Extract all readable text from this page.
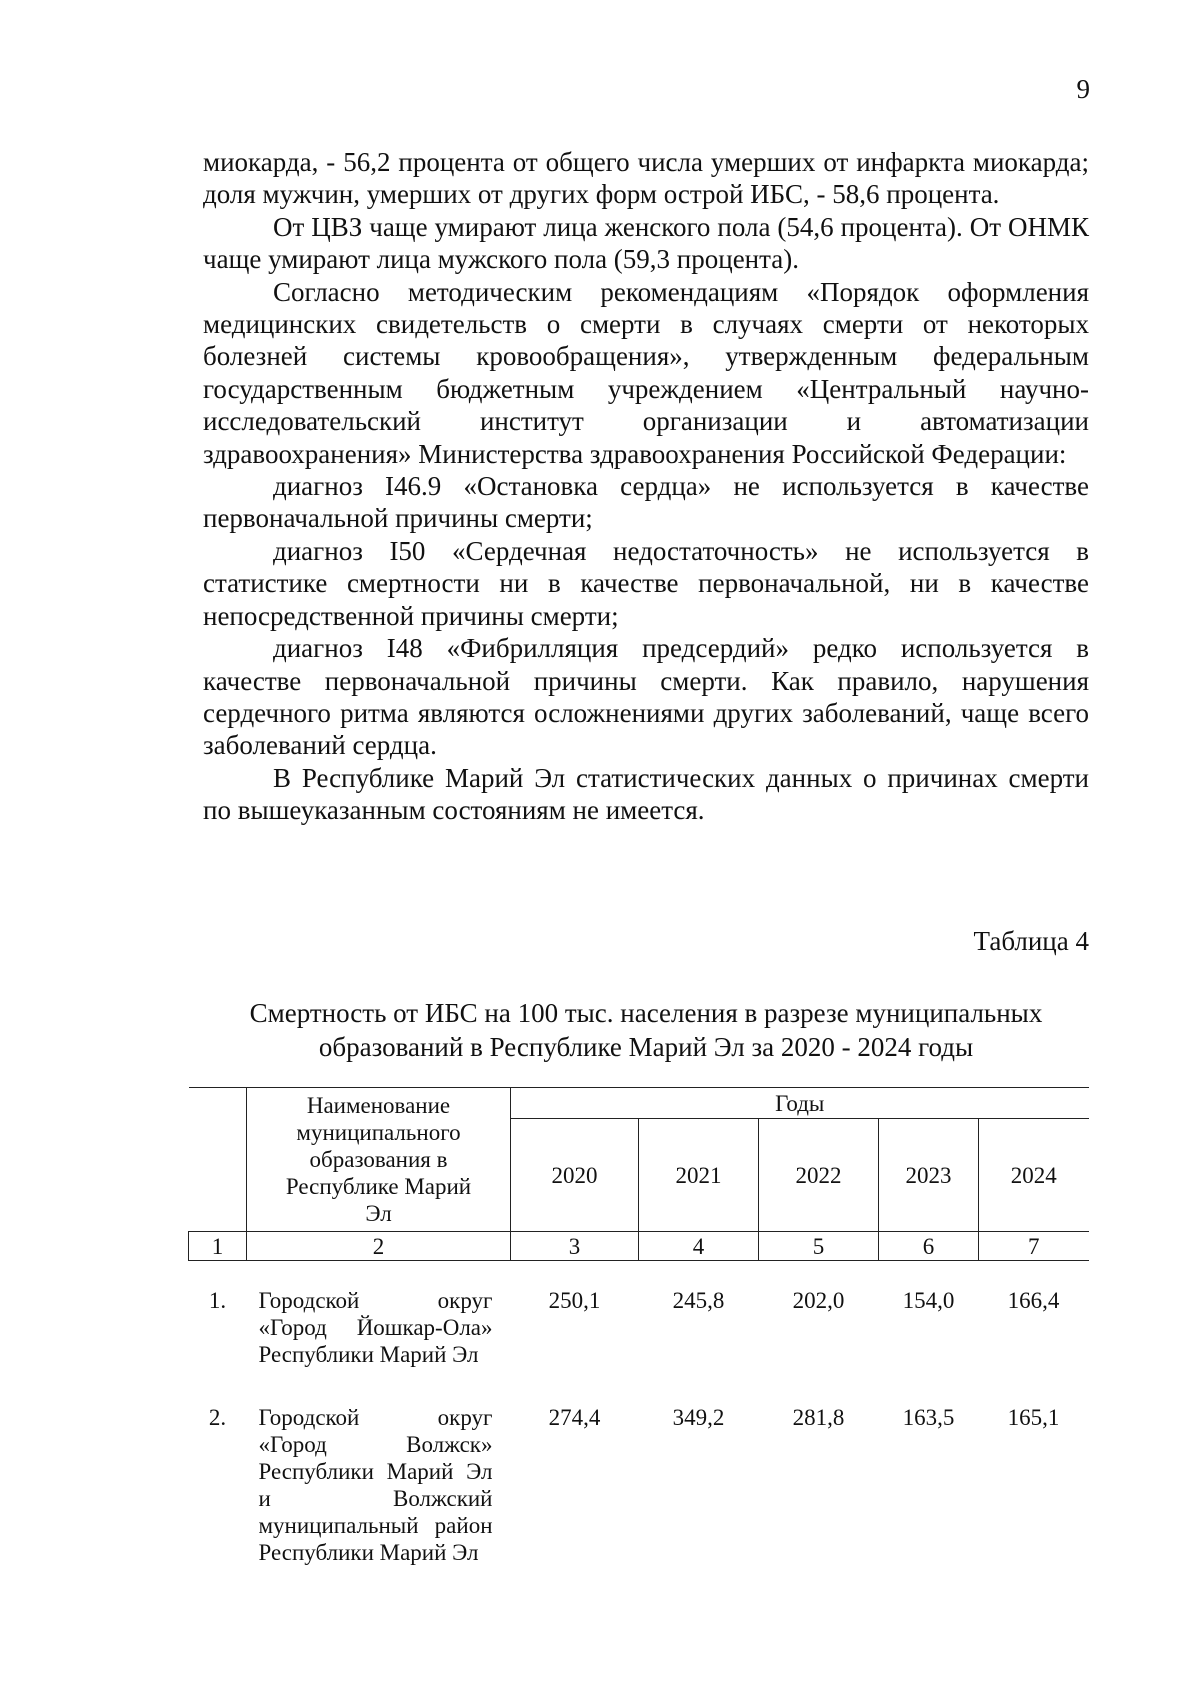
9

миокарда, - 56,2 процента от общего числа умерших от инфаркта миокарда; доля мужчин, умерших от других форм острой ИБС, - 58,6 процента.

От ЦВЗ чаще умирают лица женского пола (54,6 процента). От ОНМК чаще умирают лица мужского пола (59,3 процента).

Согласно методическим рекомендациям «Порядок оформления медицинских свидетельств о смерти в случаях смерти от некоторых болезней системы кровообращения», утвержденным федеральным государственным бюджетным учреждением «Центральный научно-исследовательский институт организации и автоматизации здравоохранения» Министерства здравоохранения Российской Федерации:

диагноз I46.9 «Остановка сердца» не используется в качестве первоначальной причины смерти;

диагноз I50 «Сердечная недостаточность» не используется в статистике смертности ни в качестве первоначальной, ни в качестве непосредственной причины смерти;

диагноз I48 «Фибрилляция предсердий» редко используется в качестве первоначальной причины смерти. Как правило, нарушения сердечного ритма являются осложнениями других заболеваний, чаще всего заболеваний сердца.

В Республике Марий Эл статистических данных о причинах смерти по вышеуказанным состояниям не имеется.

Таблица 4
Смертность от ИБС на 100 тыс. населения в разрезе муниципальных образований в Республике Марий Эл за 2020 - 2024 годы
	Наименование муниципального образования в Республике Марий Эл	Годы				
		2020	2021	2022	2023	2024
1	2	3	4	5	6	7

1.	Городской округ «Город Йошкар-Ола» Республики Марий Эл	250,1	245,8	202,0	154,0	166,4

2.	Городской округ «Город Волжск» Республики Марий Эл и Волжский муниципальный район Республики Марий Эл	274,4	349,2	281,8	163,5	165,1
